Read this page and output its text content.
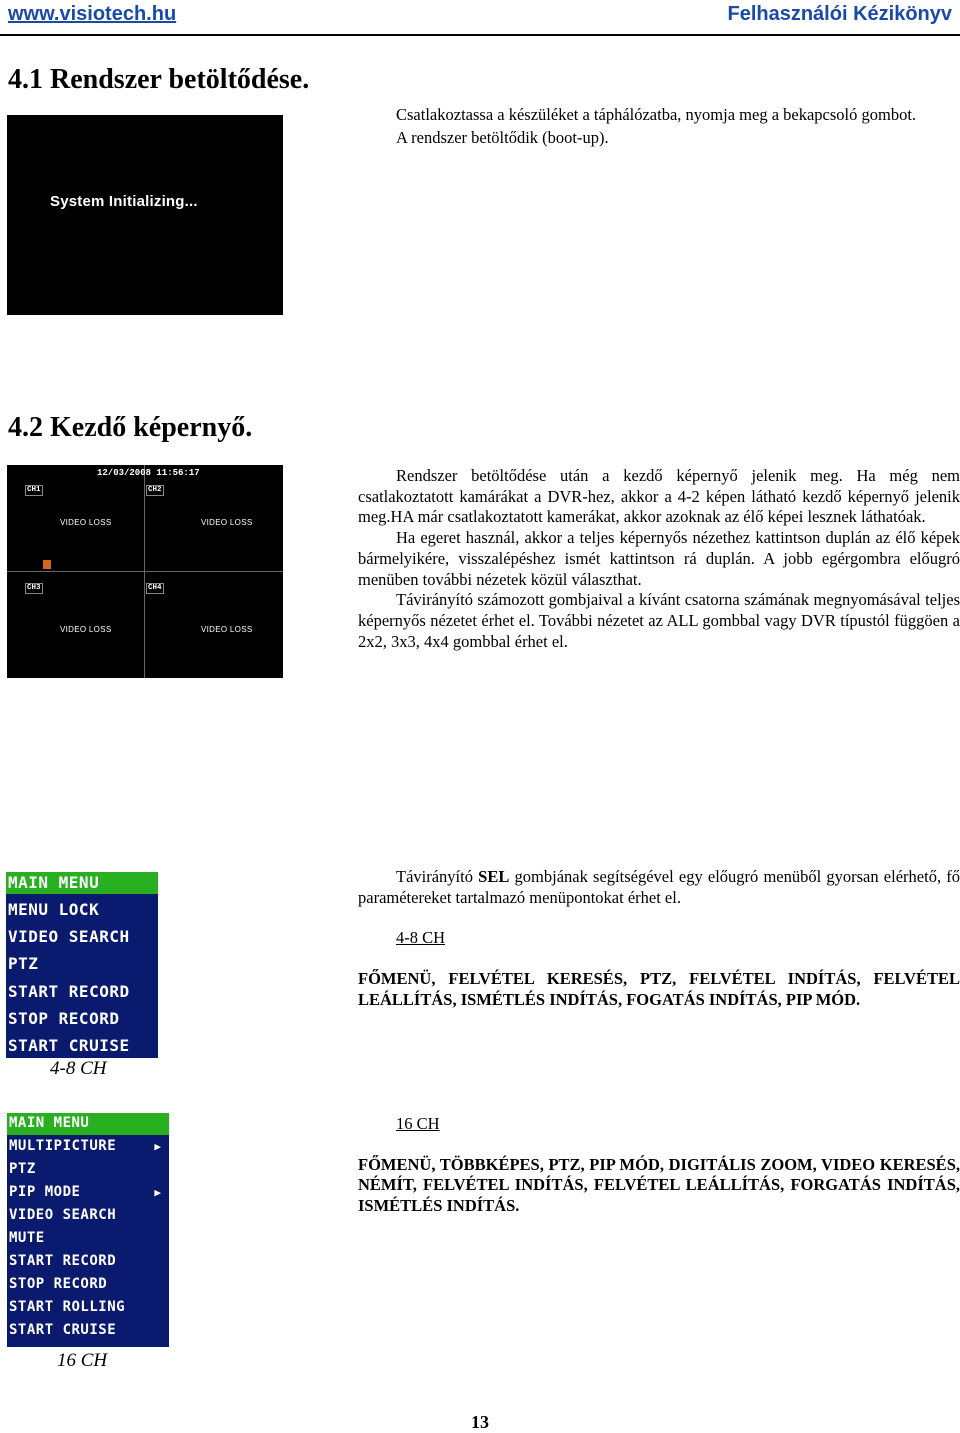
www.visiotech.hu	Felhasználói Kézikönyv
4.1 Rendszer betöltődése.
System Initializing...

Csatlakoztassa a készüléket a táphálózatba, nyomja meg a bekapcsoló gombot.

A rendszer betöltődik (boot-up).

4.2 Kezdő képernyő.
12/03/2008 11:56:17
CH1	CH2
CH3	CH4
VIDEO LOSS	VIDEO LOSS
VIDEO LOSS	VIDEO LOSS

Rendszer betöltődése után a kezdő képernyő jelenik meg. Ha még nem csatlakoztatott kamárákat a DVR-hez, akkor a 4-2 képen látható kezdő képernyő jelenik meg.HA már csatlakoztatott kamerákat, akkor azoknak az élő képei lesznek láthatóak.

Ha egeret használ, akkor a teljes képernyős nézethez kattintson duplán az élő képek bármelyikére, visszalépéshez ismét kattintson rá duplán. A jobb egérgombra előugró menüben további nézetek közül választhat.

Távirányító számozott gombjaival a kívánt csatorna számának megnyomásával teljes képernyős nézetet érhet el. További nézetet az ALL gombbal vagy DVR típustól függöen a 2x2, 3x3, 4x4 gombbal érhet el.

MAIN MENU
MENU LOCK
VIDEO SEARCH
PTZ
START RECORD
STOP RECORD
START CRUISE
4-8 CH

Távirányító SEL gombjának segítségével egy előugró menüből gyorsan elérhető, fő paramétereket tartalmazó menüpontokat érhet el.

4-8 CH

FŐMENÜ, FELVÉTEL KERESÉS, PTZ, FELVÉTEL INDÍTÁS, FELVÉTEL LEÁLLÍTÁS, ISMÉTLÉS INDÍTÁS, FOGATÁS INDÍTÁS, PIP MÓD.

MAIN MENU
MULTIPICTURE	▶
PTZ
PIP MODE	▶
VIDEO SEARCH
MUTE
START RECORD
STOP RECORD
START ROLLING
START CRUISE
16 CH

16 CH

FŐMENÜ, TÖBBKÉPES, PTZ, PIP MÓD, DIGITÁLIS ZOOM, VIDEO KERESÉS, NÉMÍT, FELVÉTEL INDÍTÁS, FELVÉTEL LEÁLLÍTÁS, FORGATÁS INDÍTÁS, ISMÉTLÉS INDÍTÁS.

13
